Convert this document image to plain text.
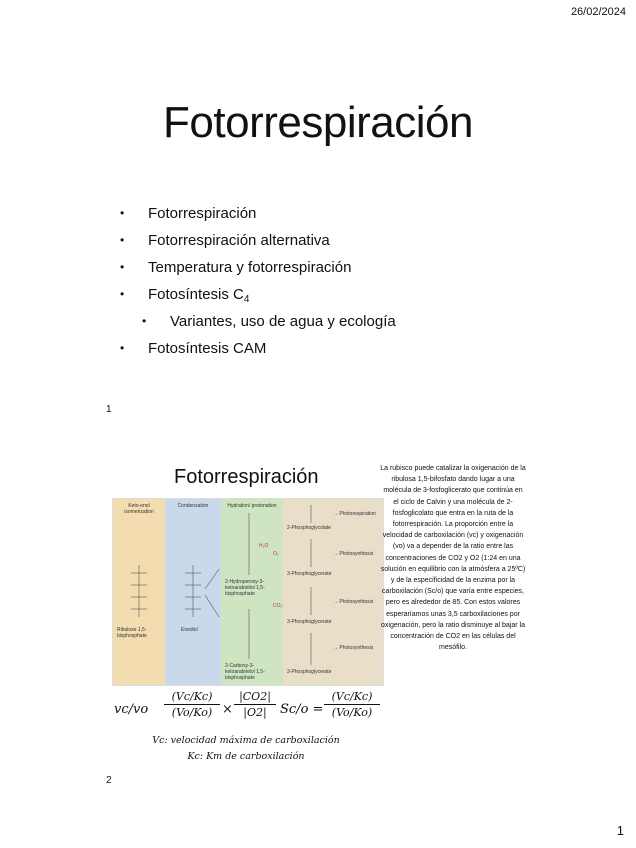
26/02/2024
Fotorrespiración
• Fotorrespiración
• Fotorrespiración alternativa
• Temperatura y fotorrespiración
• Fotosíntesis $C_4$
• Variantes, uso de agua y ecología
• Fotosíntesis CAM
1
Fotorrespiración
Keto-enol isomerization
Ribulose 1,5-bisphosphate
Condensation
Enediol
Hydration/ protonation
2-Hydroperoxy-3-ketoarabinitol 1,5-bisphosphate
2-Carboxy-3-ketoarabinitol 1,5-bisphosphate
2-Phosphoglycolate
→ Photorespiration
3-Phosphoglycerate
→ Photosynthesis
3-Phosphoglycerate
→ Photosynthesis
3-Phosphoglycerate
→ Photosynthesis
O₂
CO₂
H₂O

La rubisco puede catalizar la oxigenación de la ribulosa 1,5-bifosfato dando lugar a una molécula de 3-fosfoglicerato que continúa en el ciclo de Calvin y una molécula de 2-fosfoglicolato que entra en la ruta de la fotorrespiración. La proporción entre la velocidad de carboxilación (vc) y oxigenación (vo) va a depender de la ratio entre las concentraciones de CO2 y O2 (1:24 en una solución en equilibrio con la atmósfera a 25ºC) y de la especificidad de la enzima por la carboxilación (Sc/o) que varía entre especies, pero es alrededor de 85. Con estos valores esperaríamos unas 3,5 carboxilaciones por oxigenación, pero la ratio disminuye al bajar la concentración de CO2 en las células del mesófilo.

vc/vo
(Vc/Kc)
(Vo/Ko) ×
|CO2|
|O2|	Sc/o =
(Vc/Kc)
(Vo/Ko)
Vc: velocidad máxima de carboxilación
Kc: Km de carboxilación
2
1
